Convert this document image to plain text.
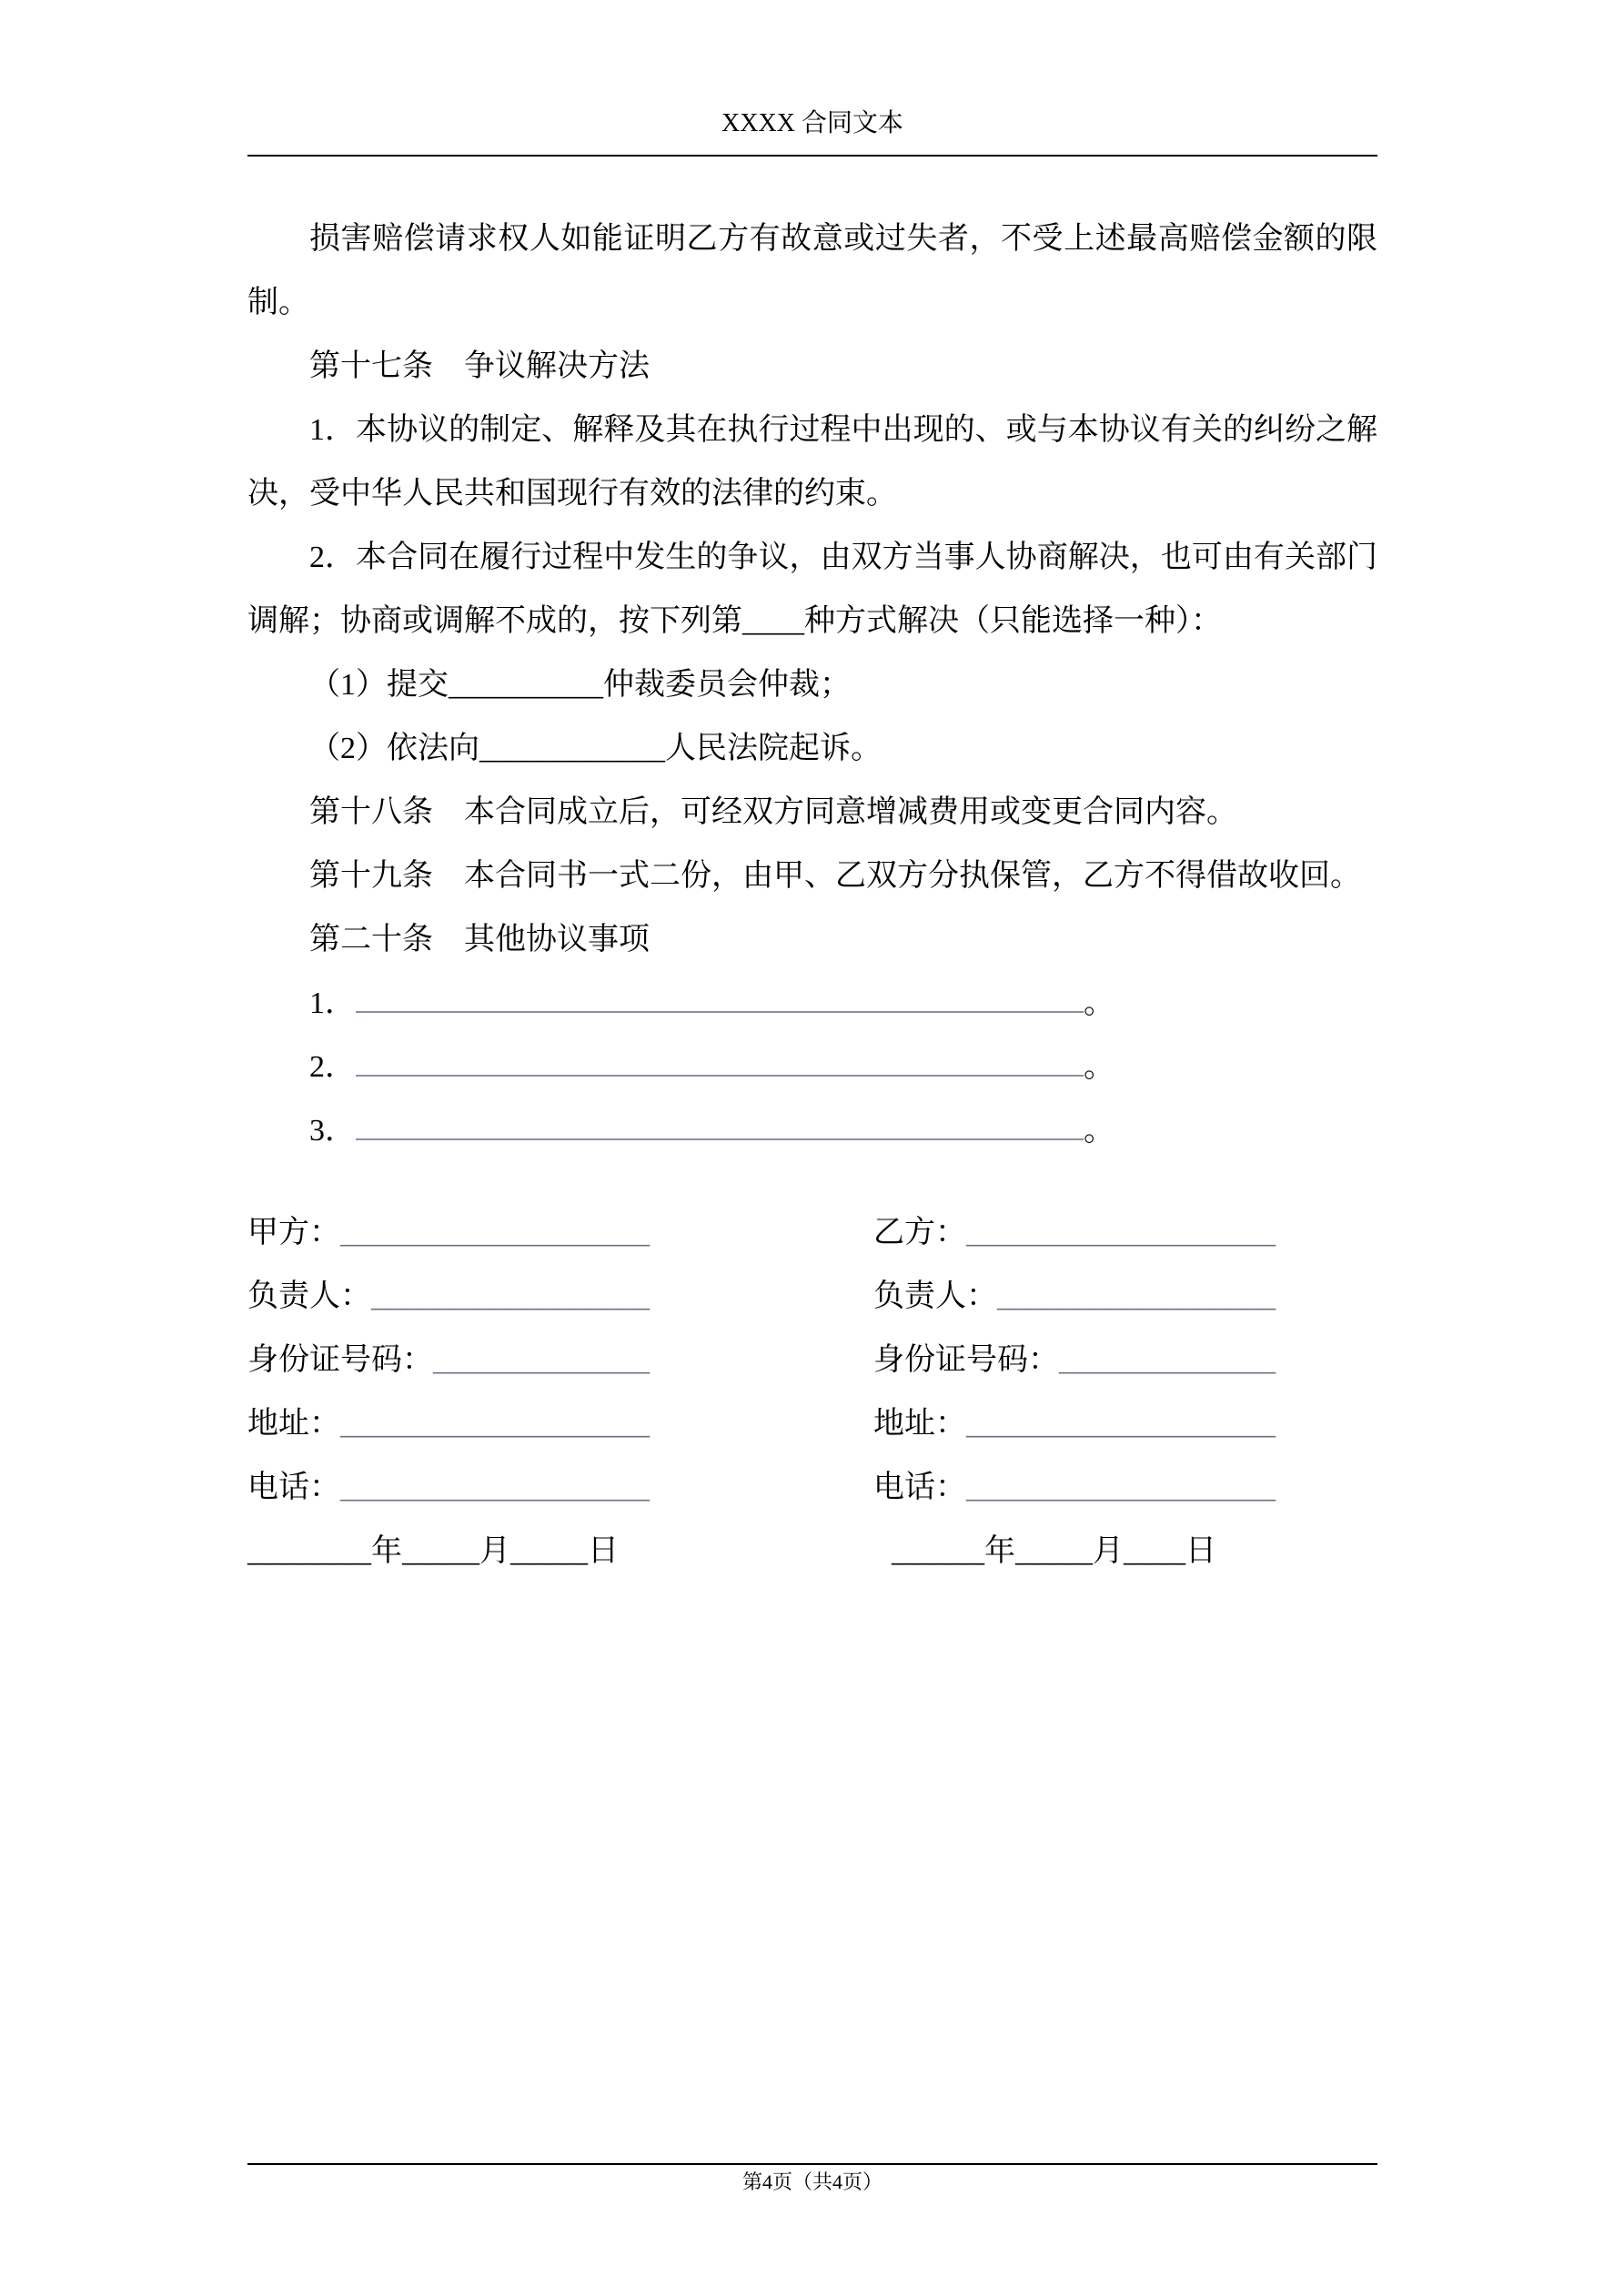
XXXX 合同文本

损害赔偿请求权人如能证明乙方有故意或过失者，不受上述最高赔偿金额的限制。

第十七条　争议解决方法

1．本协议的制定、解释及其在执行过程中出现的、或与本协议有关的纠纷之解决，受中华人民共和国现行有效的法律的约束。

2．本合同在履行过程中发生的争议，由双方当事人协商解决，也可由有关部门调解；协商或调解不成的，按下列第____种方式解决（只能选择一种）：

（1）提交__________仲裁委员会仲裁；

（2）依法向____________人民法院起诉。

第十八条　本合同成立后，可经双方同意增减费用或变更合同内容。

第十九条　本合同书一式二份，由甲、乙双方分执保管，乙方不得借故收回。

第二十条　其他协议事项

1．	。

2．	。

3．	。

甲方：____________________

负责人：__________________

身份证号码：______________

地址：____________________

电话：____________________

________年_____月_____日

乙方：____________________

负责人：__________________

身份证号码：______________

地址：____________________

电话：____________________

______年_____月____日

第4页（共4页）
